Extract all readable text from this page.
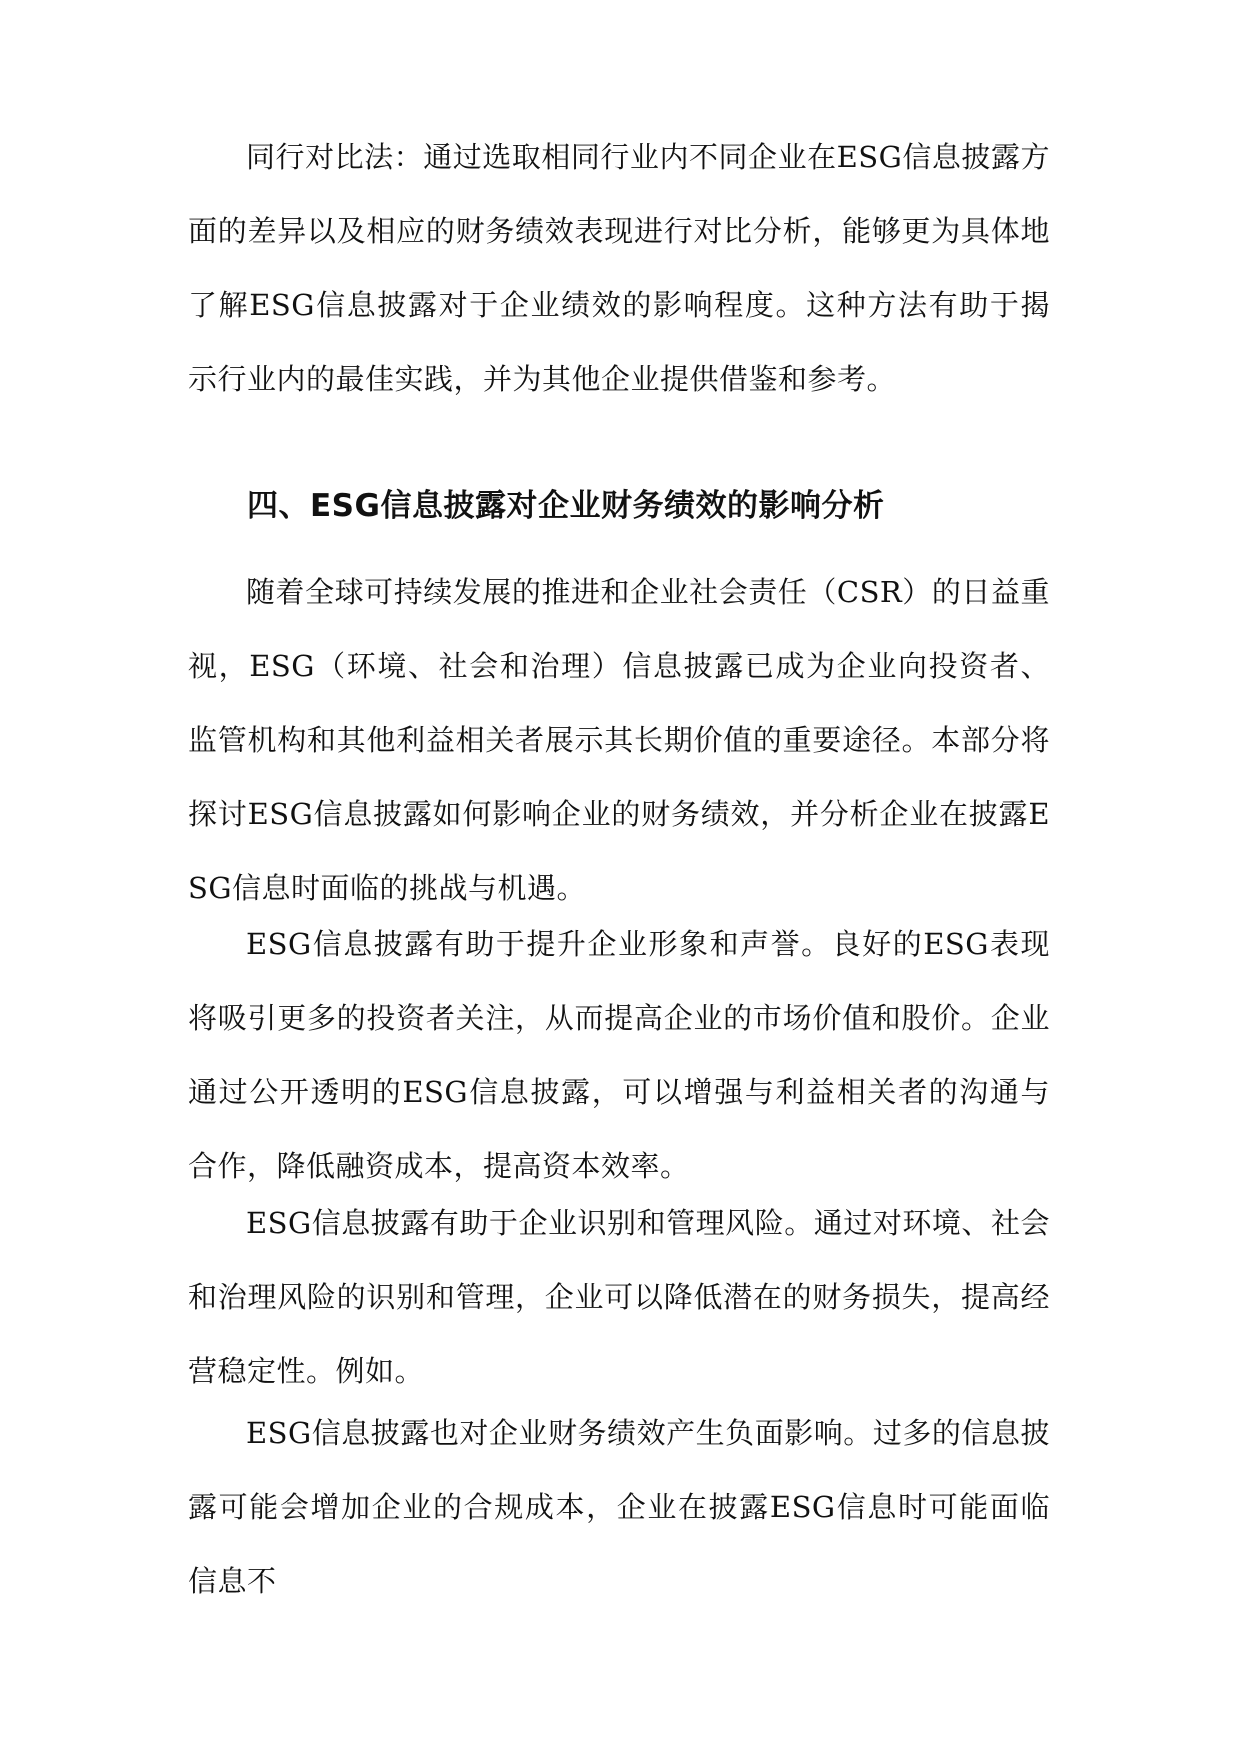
同行对比法：通过选取相同行业内不同企业在ESG信息披露方面的差异以及相应的财务绩效表现进行对比分析，能够更为具体地了解ESG信息披露对于企业绩效的影响程度。这种方法有助于揭示行业内的最佳实践，并为其他企业提供借鉴和参考。

四、ESG信息披露对企业财务绩效的影响分析

随着全球可持续发展的推进和企业社会责任（CSR）的日益重视，ESG（环境、社会和治理）信息披露已成为企业向投资者、监管机构和其他利益相关者展示其长期价值的重要途径。本部分将探讨ESG信息披露如何影响企业的财务绩效，并分析企业在披露ESG信息时面临的挑战与机遇。

ESG信息披露有助于提升企业形象和声誉。良好的ESG表现将吸引更多的投资者关注，从而提高企业的市场价值和股价。企业通过公开透明的ESG信息披露，可以增强与利益相关者的沟通与合作，降低融资成本，提高资本效率。

ESG信息披露有助于企业识别和管理风险。通过对环境、社会和治理风险的识别和管理，企业可以降低潜在的财务损失，提高经营稳定性。例如。

ESG信息披露也对企业财务绩效产生负面影响。过多的信息披露可能会增加企业的合规成本，企业在披露ESG信息时可能面临信息不
